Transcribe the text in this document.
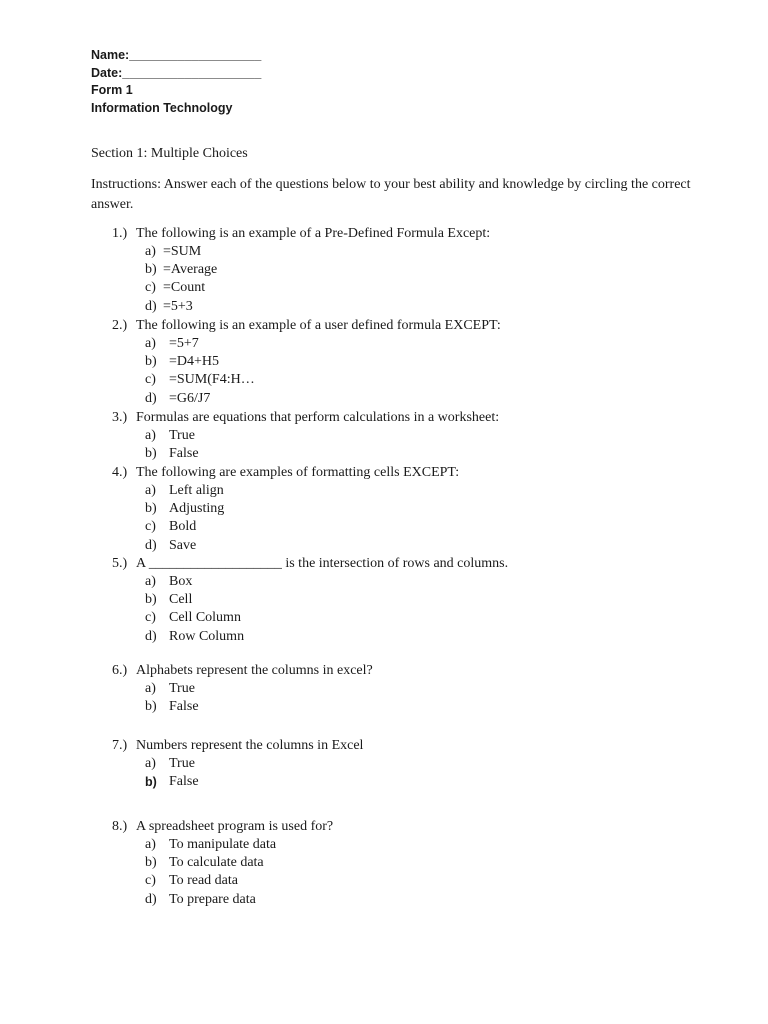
Name:___________________
Date:____________________
Form 1
Information Technology
Section 1: Multiple Choices
Instructions: Answer each of the questions below to your best ability and knowledge by circling the correct answer.
1.) The following is an example of a Pre-Defined Formula Except:
a) =SUM
b) =Average
c) =Count
d) =5+3
2.) The following is an example of a user defined formula EXCEPT:
a) =5+7
b) =D4+H5
c) =SUM(F4:H…
d) =G6/J7
3.) Formulas are equations that perform calculations in a worksheet:
a) True
b) False
4.) The following are examples of formatting cells EXCEPT:
a) Left align
b) Adjusting
c) Bold
d) Save
5.) A ___________________ is the intersection of rows and columns.
a) Box
b) Cell
c) Cell Column
d) Row Column
6.) Alphabets represent the columns in excel?
a) True
b) False
7.) Numbers represent the columns in Excel
a) True
b) False
8.) A spreadsheet program is used for?
a) To manipulate data
b) To calculate data
c) To read data
d) To prepare data
